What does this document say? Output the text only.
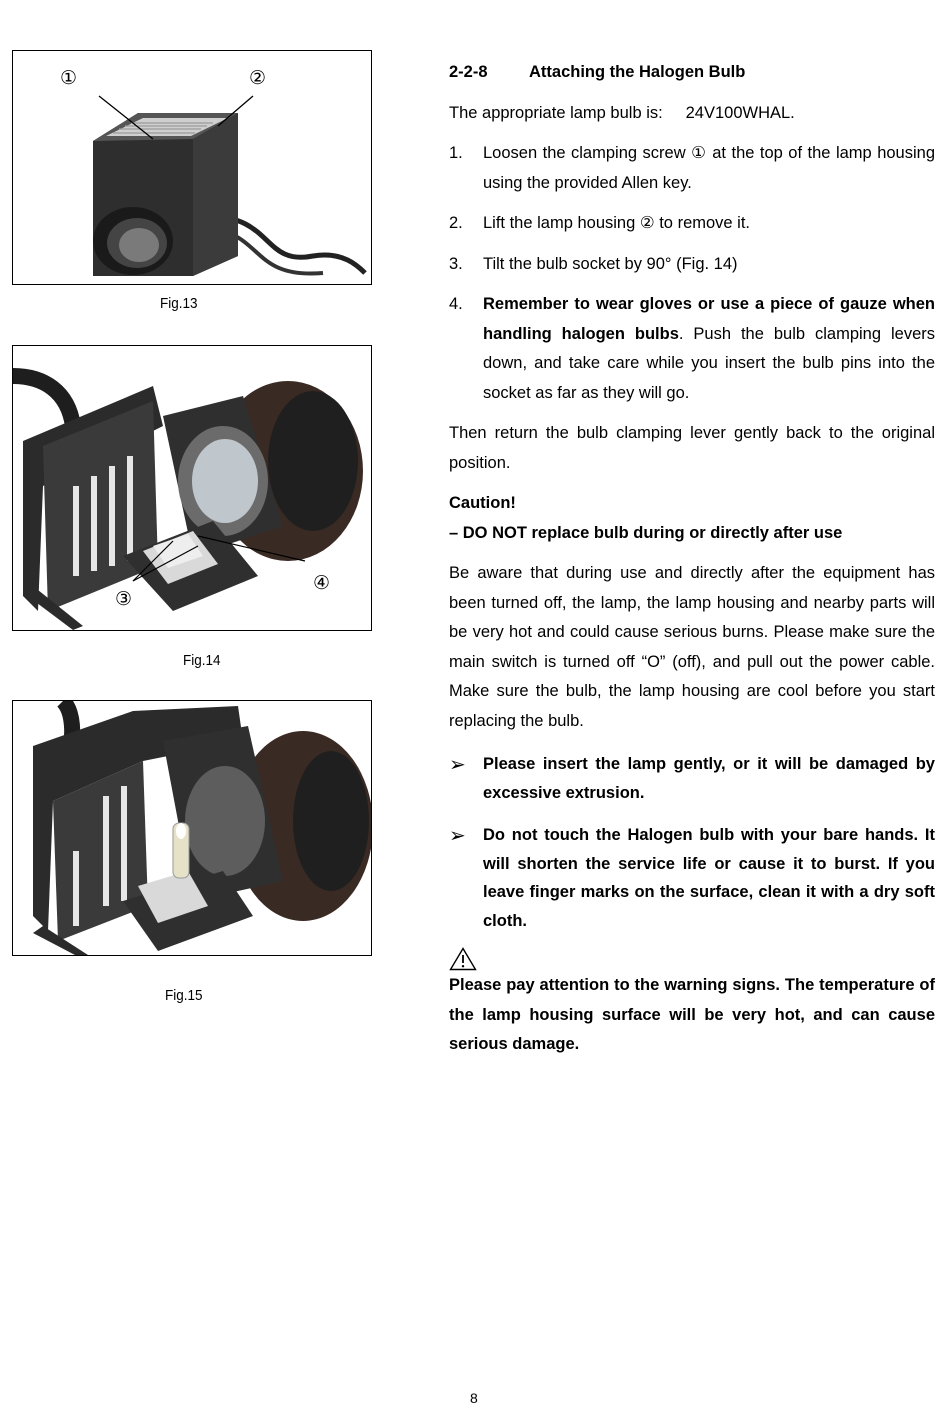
①	②
Fig.13
③
④
Fig.14
Fig.15

2-2-8	Attaching the Halogen Bulb

The appropriate lamp bulb is: 24V100WHAL.

1.	Loosen the clamping screw ① at the top of the lamp housing using the provided Allen key.
2.	Lift the lamp housing ② to remove it.
3.	Tilt the bulb socket by 90° (Fig. 14)
4.	Remember to wear gloves or use a piece of gauze when handling halogen bulbs. Push the bulb clamping levers down, and take care while you insert the bulb pins into the socket as far as they will go.

Then return the bulb clamping lever gently back to the original position.

Caution!

– DO NOT replace bulb during or directly after use

Be aware that during use and directly after the equipment has been turned off, the lamp, the lamp housing and nearby parts will be very hot and could cause serious burns. Please make sure the main switch is turned off “O” (off), and pull out the power cable. Make sure the bulb, the lamp housing are cool before you start replacing the bulb.

➢	Please insert the lamp gently, or it will be damaged by excessive extrusion.
➢	Do not touch the Halogen bulb with your bare hands. It will shorten the service life or cause it to burst. If you leave finger marks on the surface, clean it with a dry soft cloth.

Please pay attention to the warning signs. The temperature of the lamp housing surface will be very hot, and can cause serious damage.

8
